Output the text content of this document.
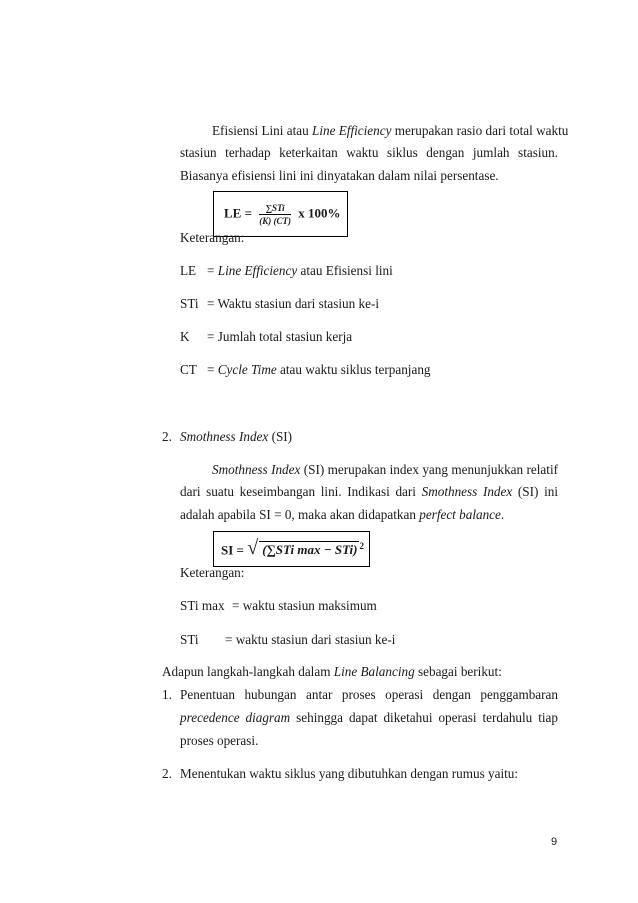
Efisiensi Lini atau Line Efficiency merupakan rasio dari total waktu
stasiun terhadap keterkaitan waktu siklus dengan jumlah stasiun.
Biasanya efisiensi lini ini dinyatakan dalam nilai persentase.
LE = $\frac{\text{∑STi}}{(K) (CT)}$ x 100%
Keterangan:
LE = Line Efficiency atau Efisiensi lini
STi = Waktu stasiun dari stasiun ke-i
K = Jumlah total stasiun kerja
CT = Cycle Time atau waktu siklus terpanjang
2. Smothness Index (SI)
Smothness Index (SI) merupakan index yang menunjukkan relatif
dari suatu keseimbangan lini. Indikasi dari Smothness Index (SI) ini
adalah apabila SI = 0, maka akan didapatkan perfect balance.
SI = √ (∑STi max − STi) $^2$
Keterangan:
STi max = waktu stasiun maksimum
STi = waktu stasiun dari stasiun ke-i
Adapun langkah-langkah dalam Line Balancing sebagai berikut:
1. Penentuan hubungan antar proses operasi dengan penggambaran
precedence diagram sehingga dapat diketahui operasi terdahulu tiap
proses operasi.
2. Menentukan waktu siklus yang dibutuhkan dengan rumus yaitu:
9
